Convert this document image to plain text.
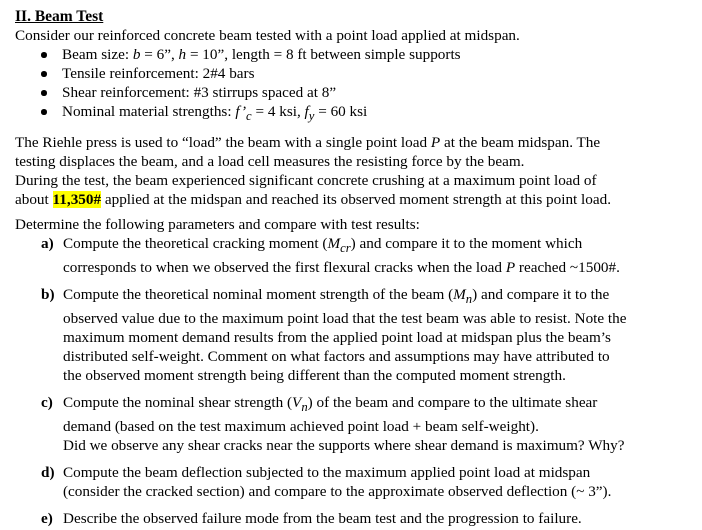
II. Beam Test

Consider our reinforced concrete beam tested with a point load applied at midspan.

Beam size: b = 6”, h = 10”, length = 8 ft between simple supports
Tensile reinforcement: 2#4 bars
Shear reinforcement: #3 stirrups spaced at 8”
Nominal material strengths: $f’_c = 4$ ksi, $f_y = 60$ ksi

The Riehle press is used to “load” the beam with a single point load P at the beam midspan. The

testing displaces the beam, and a load cell measures the resisting force by the beam.

During the test, the beam experienced significant concrete crushing at a maximum point load of

about 11,350# applied at the midspan and reached its observed moment strength at this point load.

Determine the following parameters and compare with test results:

a) Compute the theoretical cracking moment $(M_{cr})$ and compare it to the moment which
corresponds to when we observed the first flexural cracks when the load P reached ~1500#.
b) Compute the theoretical nominal moment strength of the beam $(M_n)$ and compare it to the
observed value due to the maximum point load that the test beam was able to resist. Note the
maximum moment demand results from the applied point load at midspan plus the beam’s
distributed self-weight. Comment on what factors and assumptions may have attributed to
the observed moment strength being different than the computed moment strength.
c) Compute the nominal shear strength $(V_n)$ of the beam and compare to the ultimate shear
demand (based on the test maximum achieved point load + beam self-weight).
Did we observe any shear cracks near the supports where shear demand is maximum? Why?
d) Compute the beam deflection subjected to the maximum applied point load at midspan
(consider the cracked section) and compare to the approximate observed deflection (~ 3”).
e) Describe the observed failure mode from the beam test and the progression to failure.
